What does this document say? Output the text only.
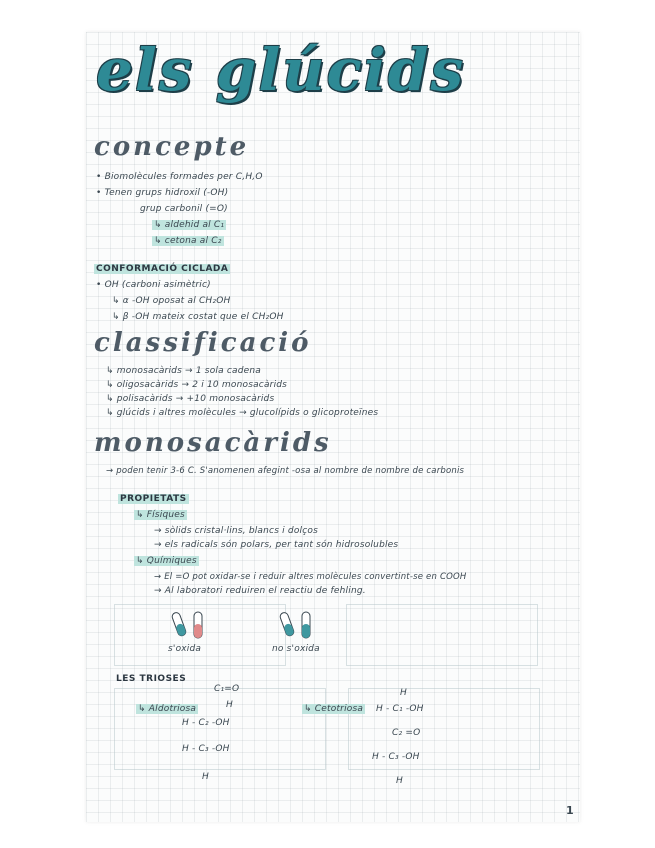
els glúcids
concepte
• Biomolècules formades per C,H,O
• Tenen grups hidroxil (-OH)
grup carbonil (=O)
↳ aldehid al C₁
↳ cetona al C₂
CONFORMACIÓ CICLADA
• OH (carboni asimètric)
↳ α -OH oposat al CH₂OH
↳ β -OH mateix costat que el CH₂OH
classificació
↳ monosacàrids → 1 sola cadena
↳ oligosacàrids → 2 i 10 monosacàrids
↳ polisacàrids → +10 monosacàrids
↳ glúcids i altres molècules → glucolípids o glicoproteïnes
monosacàrids
→ poden tenir 3-6 C. S'anomenen afegint -osa al nombre de nombre de carbonis
PROPIETATS
↳ Físiques
→ sòlids cristal·lins, blancs i dolços
→ els radicals són polars, per tant són hidrosolubles
↳ Químiques
→ El =O pot oxidar-se i reduir altres molècules convertint-se en COOH
→ Al laboratori reduiren el reactiu de fehling.
s'oxida	no s'oxida
LES TRIOSES
↳ Aldotriosa
C₁=O
H
H - C₂ -OH
H - C₃ -OH
H
↳ Cetotriosa
H
H - C₁ -OH
C₂ =O
H - C₃ -OH
H
1
